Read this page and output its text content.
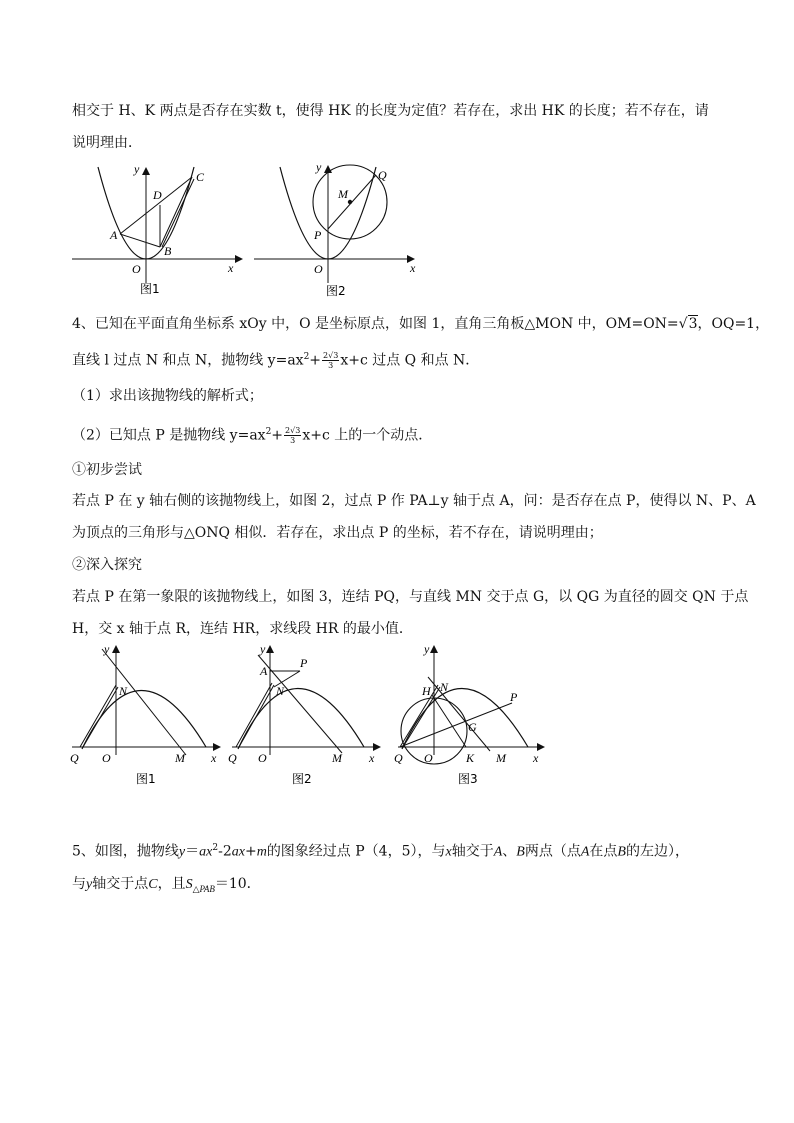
相交于 H、K 两点是否存在实数 t，使得 HK 的长度为定值？若存在，求出 HK 的长度；若不存在，请
说明理由．
y
C
D
A
B
O	x
图1
y
Q
M
P
O	x
图2
4、已知在平面直角坐标系 xOy 中，O 是坐标原点，如图 1，直角三角板△MON 中，OM=ON=√3，OQ=1，
直线 l 过点 N 和点 N，抛物线 $y=ax^2+ \frac{2√3}{3} x+c$ 过点 Q 和点 N．
（1）求出该抛物线的解析式；
（2）已知点 P 是抛物线 $y=ax^2+ \frac{2√3}{3} x+c$ 上的一个动点．
①初步尝试
若点 P 在 y 轴右侧的该抛物线上，如图 2，过点 P 作 PA⊥y 轴于点 A，问：是否存在点 P，使得以 N、P、A
为顶点的三角形与△ONQ 相似．若存在，求出点 P 的坐标，若不存在，请说明理由；
②深入探究
若点 P 在第一象限的该抛物线上，如图 3，连结 PQ，与直线 MN 交于点 G，以 QG 为直径的圆交 QN 于点
H，交 x 轴于点 R，连结 HR，求线段 HR 的最小值．
y
N
Q O	M x
图1
y
P
A
N
Q O	M x
图2
y
H N
P
G
Q O	K M x
图3
5、如图，抛物线$y=ax^2-2ax+m$的图象经过点 P（4，5），与x轴交于A、B两点（点A在点B的左边），
与y轴交于点C，且$S_{\triangle PAB}=10$．
